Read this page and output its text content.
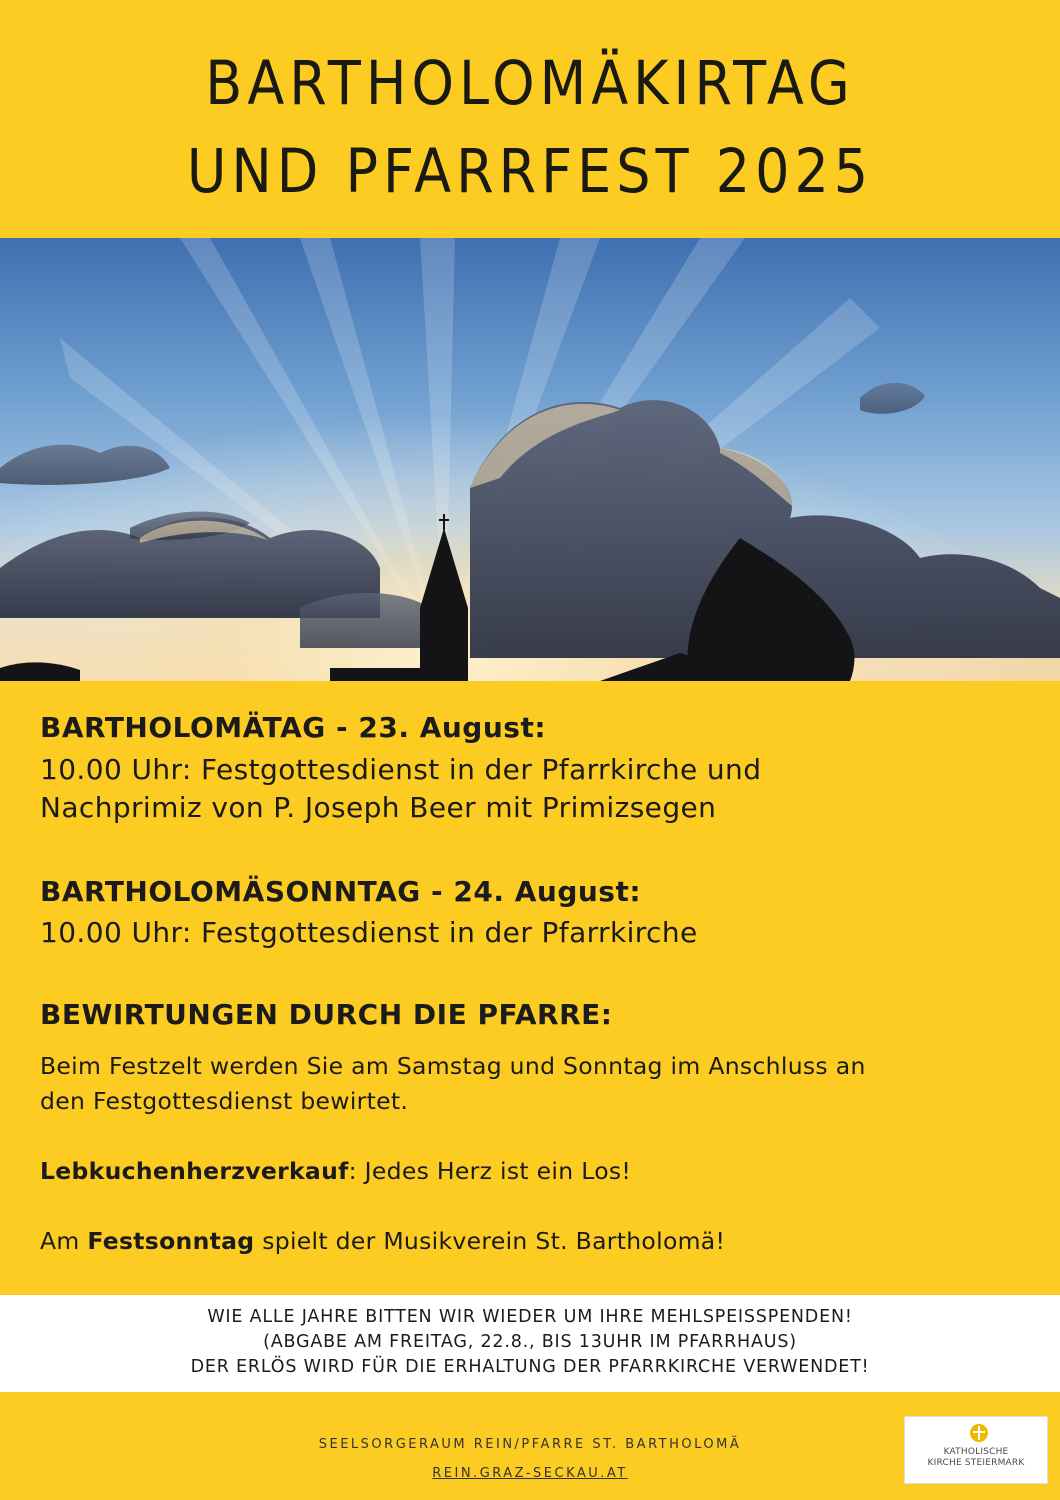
BARTHOLOMÄKIRTAG
UND PFARRFEST 2025
BARTHOLOMÄTAG - 23. August:
10.00 Uhr: Festgottesdienst in der Pfarrkirche und
Nachprimiz von P. Joseph Beer mit Primizsegen
BARTHOLOMÄSONNTAG - 24. August:
10.00 Uhr: Festgottesdienst in der Pfarrkirche
BEWIRTUNGEN DURCH DIE PFARRE:
Beim Festzelt werden Sie am Samstag und Sonntag im Anschluss an
den Festgottesdienst bewirtet.
Lebkuchenherzverkauf: Jedes Herz ist ein Los!
Am Festsonntag spielt der Musikverein St. Bartholomä!
WIE ALLE JAHRE BITTEN WIR WIEDER UM IHRE MEHLSPEISSPENDEN!
(ABGABE AM FREITAG, 22.8., BIS 13UHR IM PFARRHAUS)
DER ERLÖS WIRD FÜR DIE ERHALTUNG DER PFARRKIRCHE VERWENDET!
SEELSORGERAUM REIN/PFARRE ST. BARTHOLOMÄ
REIN.GRAZ-SECKAU.AT
KATHOLISCHE
KIRCHE STEIERMARK
